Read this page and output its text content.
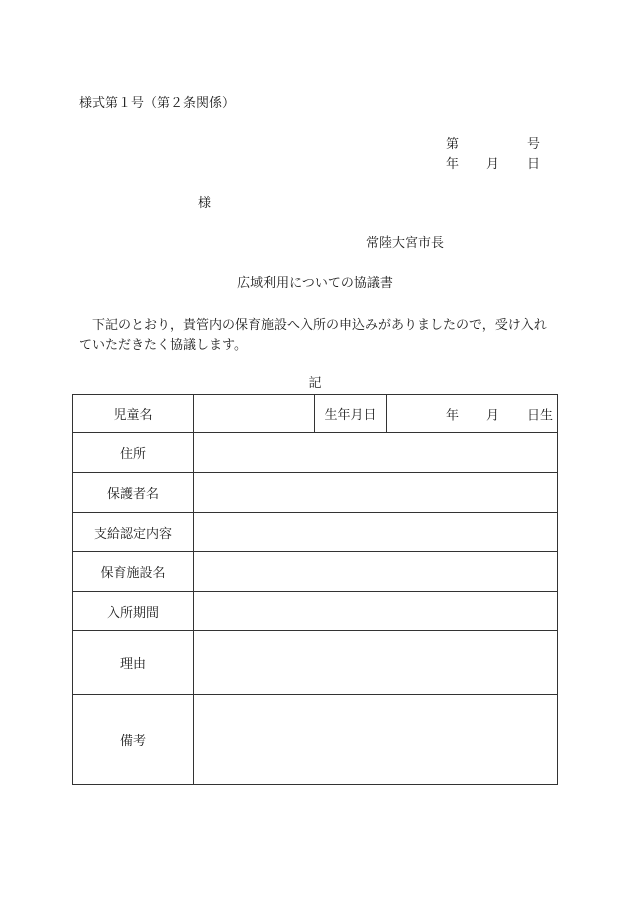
様式第１号（第２条関係）
第	号
年 月 日
様
常陸大宮市長
広域利用についての協議書
下記のとおり，貴管内の保育施設へ入所の申込みがありましたので，受け入れていただきたく協議します。
記
児童名		生年月日	年 月 日生

住所			
保護者名			
支給認定内容			
保育施設名			
入所期間			
理由			
備考			
